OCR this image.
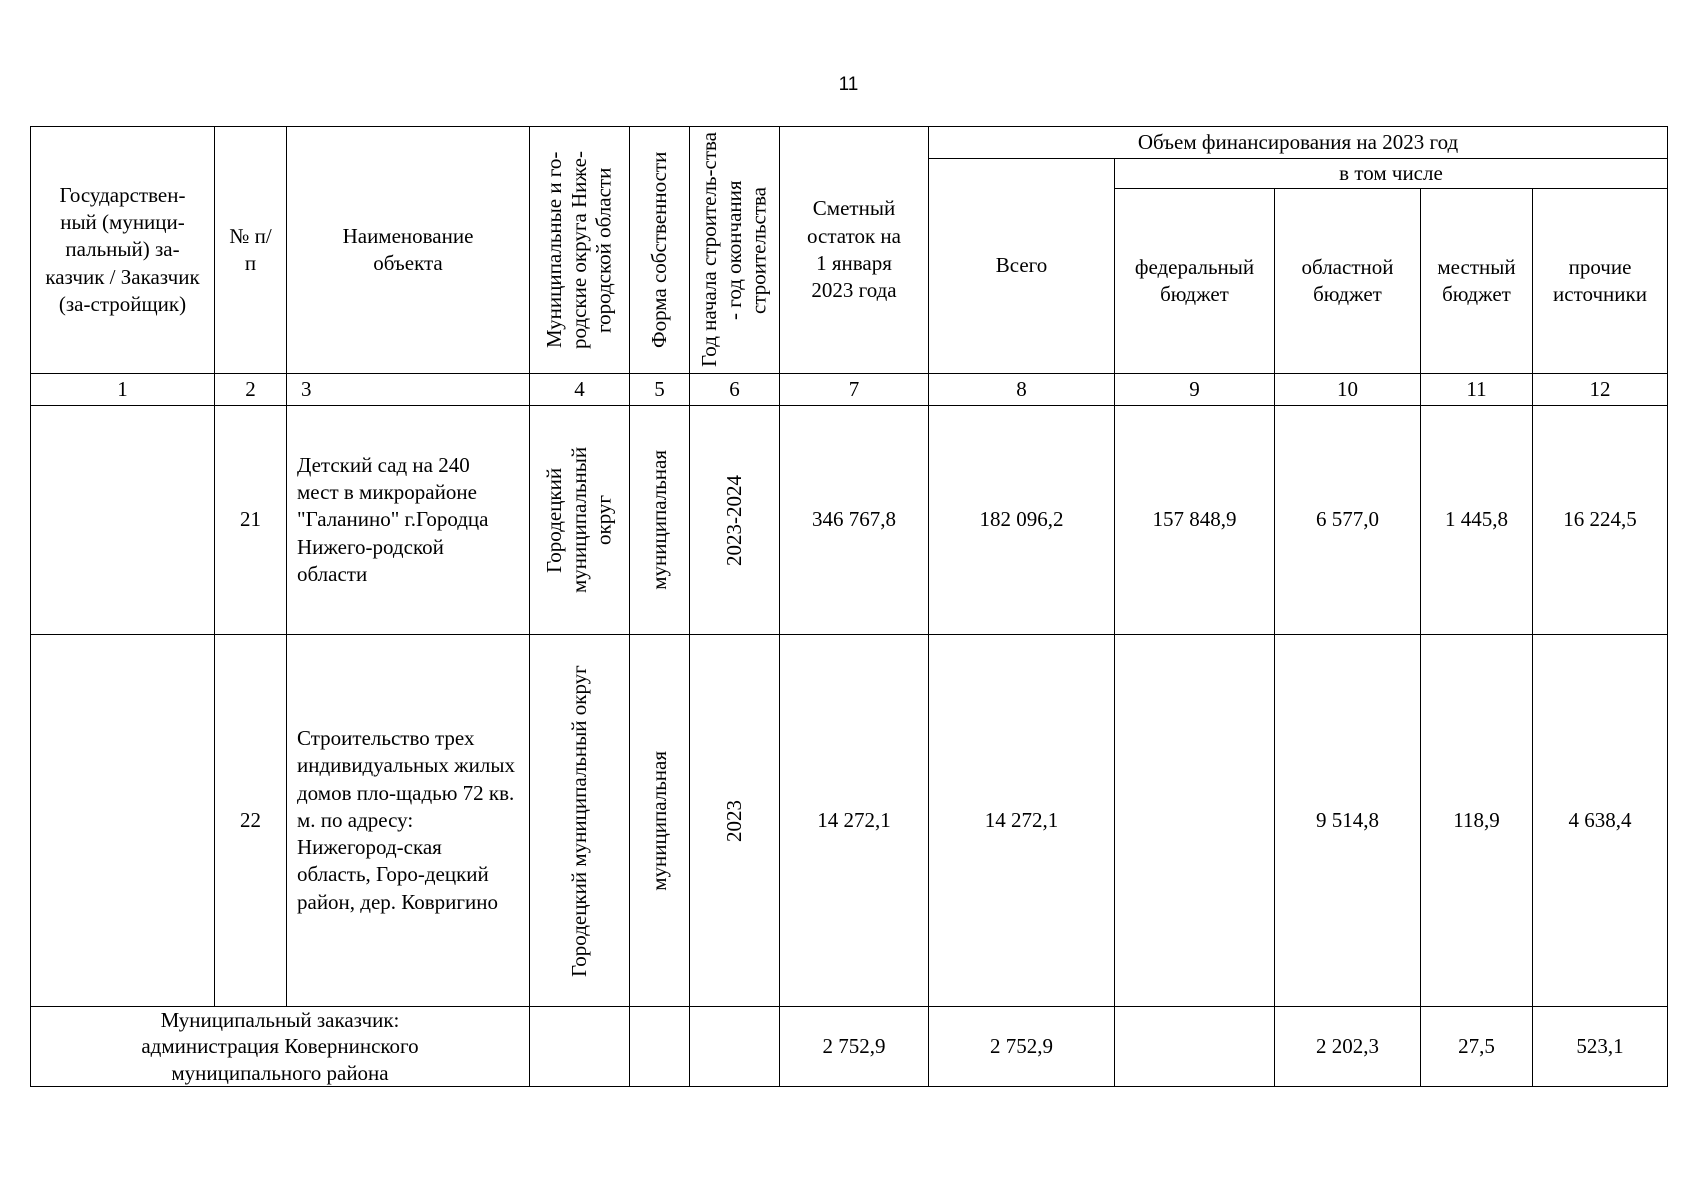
11
Государствен-ный (муници-пальный) за-казчик / Заказчик (за-стройщик)	№ п/п	Наименование объекта	Муниципальные и го-родские округа Ниже-городской области	Форма собственности	Год начала строитель-ства - год окончания строительства	Сметный остаток на 1 января 2023 года	Объем финансирования на 2023 год				
							Всего	в том числе			

								федеральный бюджет	областной бюджет	местный бюджет	прочие источники

1	2	3	4	5	6	7	8	9	10	11	12
	21	Детский сад на 240 мест в микрорайоне "Галанино" г.Городца Нижего-родской области	Городецкий муниципальный округ	муниципальная	2023-2024	346 767,8	182 096,2	157 848,9	6 577,0	1 445,8	16 224,5
	22	Строительство трех индивидуальных жилых домов пло-щадью 72 кв. м. по адресу: Нижегород-ская область, Горо-децкий район, дер. Ковригино	Городецкий муниципальный округ	муниципальная	2023	14 272,1	14 272,1		9 514,8	118,9	4 638,4

Муниципальный заказчик: администрация Ковернинского муниципального района						2 752,9	2 752,9		2 202,3	27,5	523,1
